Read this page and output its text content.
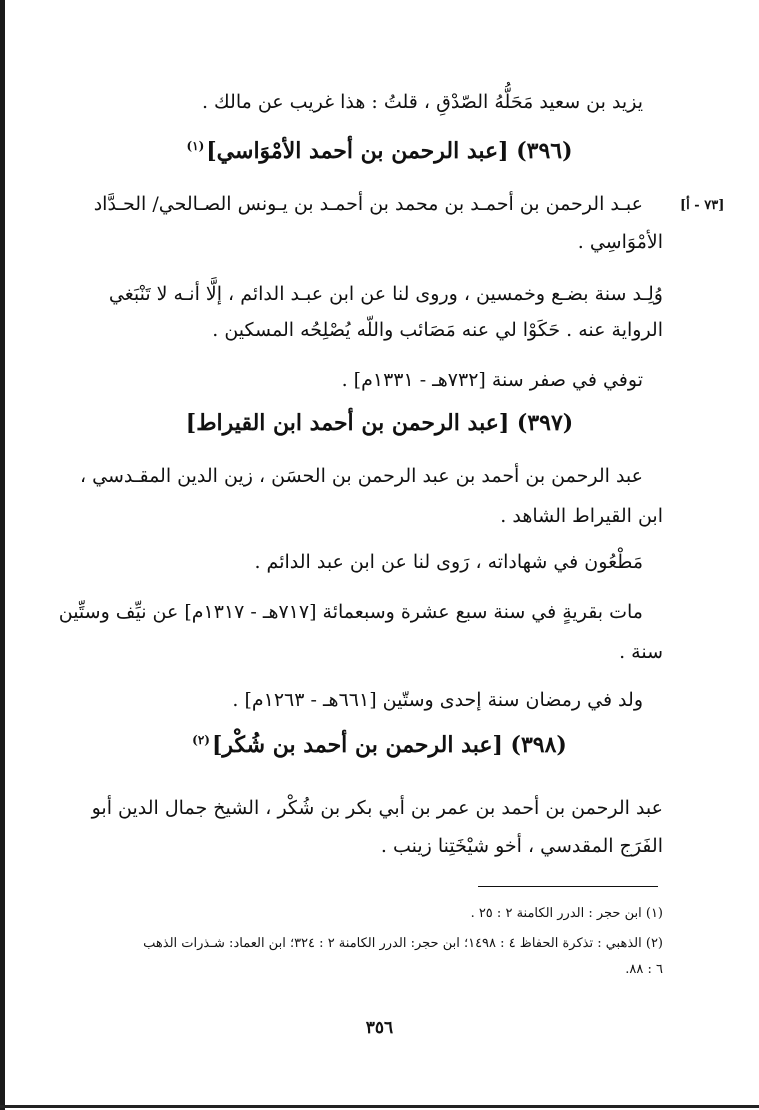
يزيد بن سعيد مَحَلُّهُ الصّدْقِ ، قلتُ : هذا غريب عن مالك .
(٣٩٦) [عبد الرحمن بن أحمد الأمْوَاسي]$^{(١)}$
[٧٣ - أ]
عبـد الرحمن بن أحمـد بن محمد بن أحمـد بن يـونس الصـالحي/ الحـدَّاد
الأمْوَاسِي .
وُلِـد سنة بضـع وخمسين ، وروى لنا عن ابن عبـد الدائم ، إلَّا أنـه لا تَنْبَغي
الرواية عنه . حَكَوْا لي عنه مَصَائب واللّه يُصْلِحُه المسكين .
توفي في صفر سنة [٧٣٢هـ - ١٣٣١م] .
(٣٩٧) [عبد الرحمن بن أحمد ابن القيراط]
عبد الرحمن بن أحمد بن عبد الرحمن بن الحسَن ، زين الدين المقـدسي ،
ابن القيراط الشاهد .
مَطْعُون في شهاداته ، رَوى لنا عن ابن عبد الدائم .
مات بقريةٍ في سنة سبع عشرة وسبعمائة [٧١٧هـ - ١٣١٧م] عن نيِّف وستِّين
سنة .
ولد في رمضان سنة إحدى وستّين [٦٦١هـ - ١٢٦٣م] .
(٣٩٨) [عبد الرحمن بن أحمد بن شُكْر]$^{(٢)}$
عبد الرحمن بن أحمد بن عمر بن أبي بكر بن شُكْر ، الشيخ جمال الدين أبو
الفَرَج المقدسي ، أخو شيْخَتِنا زينب .
(١) ابن حجر : الدرر الكامنة ٢ : ٢٥ .
(٢) الذهبي : تذكرة الحفاظ ٤ : ١٤٩٨؛ ابن حجر: الدرر الكامنة ٢ : ٣٢٤؛ ابن العماد: شـذرات الذهب
٦ : ٨٨.
٣٥٦
